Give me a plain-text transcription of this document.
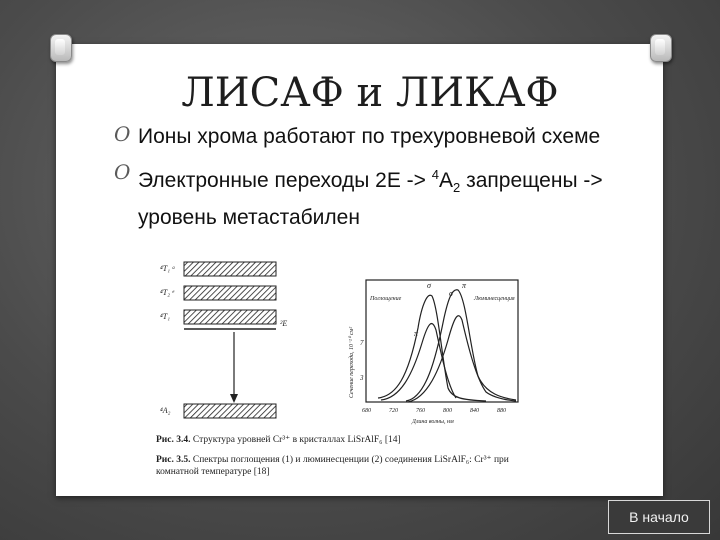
ЛИСАФ и ЛИКАФ
O Ионы хрома работают по трехуровневой схеме
O Электронные переходы $2E -> ^4A_2$ запрещены -> уровень метастабилен
⁴T₁ ᵃ
⁴T₂ ᵉ
⁴T₁
²E
⁴A₂
Сечение перехода, 10⁻²⁰ см²
Длина волны, нм
Поглощение	Люминесценция
7
3
680	720	760	800	840	880
σ
π
σ
π
Рис. 3.4. Структура уровней Cr³⁺ в кристаллах LiSrAlF₆ [14]
Рис. 3.5. Спектры поглощения (1) и люминесценции (2) соединения LiSrAlF₆: Cr³⁺ при комнатной температуре [18]
В начало
